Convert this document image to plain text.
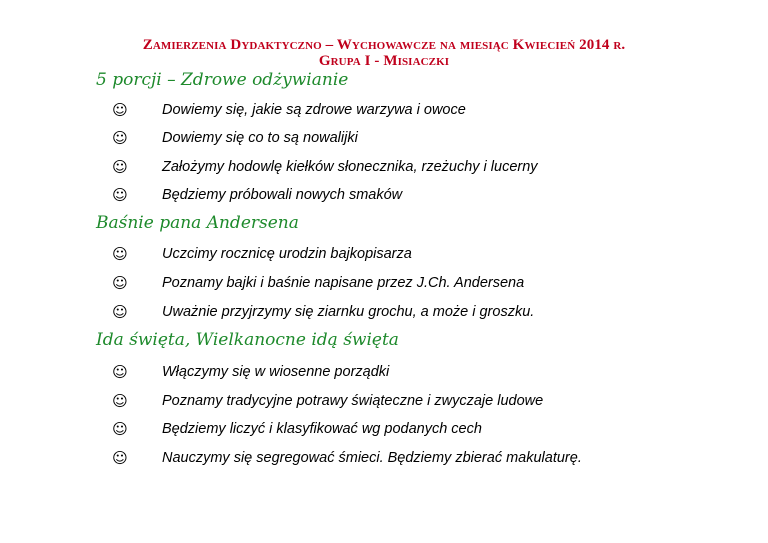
Zamierzenia Dydaktyczno – Wychowawcze na miesiąc Kwiecień 2014 r.
Grupa I - Misiaczki
5 porcji – Zdrowe odżywianie
☺ Dowiemy się, jakie są zdrowe warzywa i owoce
☺ Dowiemy się co to są nowalijki
☺ Założymy hodowlę kiełków słonecznika, rzeżuchy i lucerny
☺ Będziemy próbowali nowych smaków
Baśnie pana Andersena
☺ Uczcimy rocznicę urodzin bajkopisarza
☺ Poznamy bajki i baśnie napisane przez J.Ch. Andersena
☺ Uważnie przyjrzymy się ziarnku grochu, a może i groszku.
Ida święta, Wielkanocne idą święta
☺ Włączymy się w wiosenne porządki
☺ Poznamy tradycyjne potrawy świąteczne i zwyczaje ludowe
☺ Będziemy liczyć i klasyfikować wg podanych cech
☺ Nauczymy się segregować śmieci. Będziemy zbierać makulaturę.
